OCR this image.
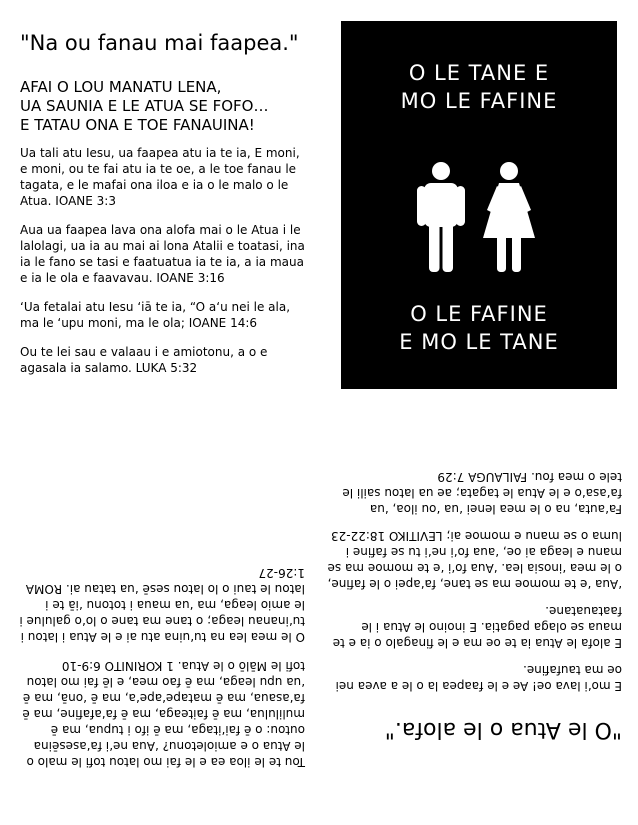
"Na ou fanau mai faapea."
AFAI O LOU MANATU LENA,
UA SAUNIA E LE ATUA SE FOFO…
E TATAU ONA E TOE FANAUINA!

Ua tali atu Iesu, ua faapea atu ia te ia, E moni, e moni, ou te fai atu ia te oe, a le toe fanau le tagata, e le mafai ona iloa e ia o le malo o le Atua. IOANE 3:3

Aua ua faapea lava ona alofa mai o le Atua i le lalolagi, ua ia au mai ai lona Atalii e toatasi, ina ia le fano se tasi e faatuatua ia te ia, a ia maua e ia le ola e faavavau. IOANE 3:16

‘Ua fetalai atu Iesu ‘iā te ia, “O a‘u nei le ala, ma le ‘upu moni, ma le ola; IOANE 14:6

Ou te lei sau e valaau i e amiotonu, a o e agasala ia salamo. LUKA 5:32

O LE TANE E
MO LE FAFINE
O LE FAFINE
E MO LE TANE
"O le Atua o le alofa."

E mo‘i lava oe! Ae e le faapea la o le a avea nei oe ma taufafine.

E alofa le Atua ia te oe ma e le finagalo o ia e te maua se olaga pagatia. E inoino le Atua i le faatauatane.

‘Aua ‘e te momoe ma se tane, fa‘apei o le fafine, o le mea ‘inosia lea. ‘Aua fo‘i ‘e te momoe ma se manu e leaga ai oe, ‘aua fo‘i ne‘i tu se fafine i luma o se manu e momoe ai; LEVITIKO 18:22-23

Fa‘auta, na o le mea lenei ‘ua ‘ou iloa, ‘ua fa‘asa‘o e le Atua le tagata; ae ua latou saili le tele o mea fou. FAILAUGA 7:29

Tou te le iloa ea e le fai mo latou tofi le malo o le Atua o e amioletonu? ‘Aua ne‘i fa‘asesēina outou: o ē fai‘itaga, ma ē ifo i tupua, ma ē mulilulua, ma ē faiteaga, ma ē fa‘afafine, ma ē fa‘asaua, ma ē matape‘ape‘a, ma ē ‘onā, ma ē ‘ua upu leaga, ma ē fao mea, e lē fai mo latou tofi le Mālō o le Atua. 1 KORINITO 6:9-10

O le mea lea na tu‘uina atu ai e le Atua i latou i tu‘inanau leaga; o tane ma tane o lo‘o galulue i le amio leaga, ma ‘ua maua i totonu ‘iā te i latou le taui o lo latou sesē ‘ua tatau ai. ROMA 1:26-27
